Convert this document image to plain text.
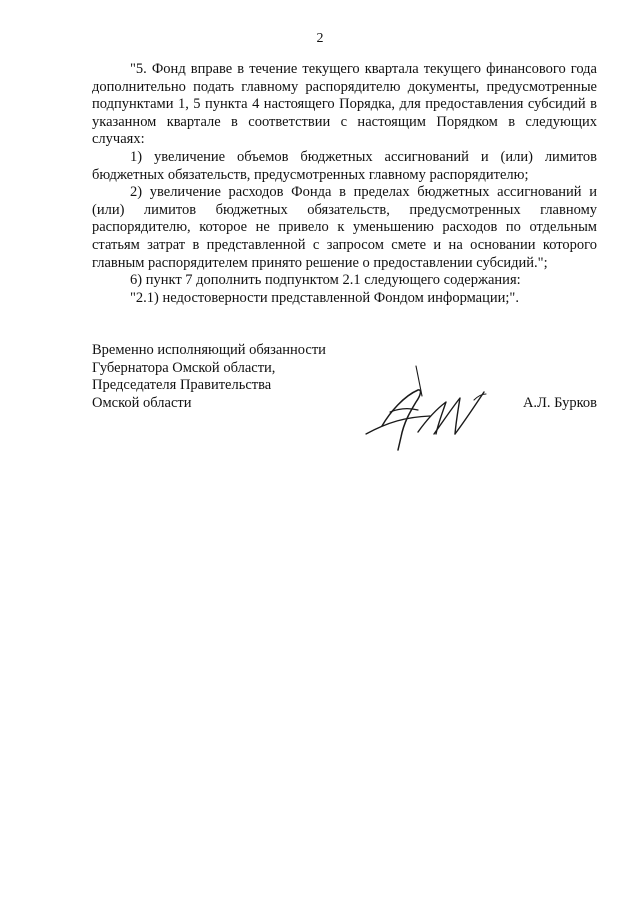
2

"5. Фонд вправе в течение текущего квартала текущего финансового года дополнительно подать главному распорядителю документы, предусмотренные подпунктами 1, 5 пункта 4 настоящего Порядка, для предоставления субсидий в указанном квартале в соответствии с настоящим Порядком в следующих случаях:

1) увеличение объемов бюджетных ассигнований и (или) лимитов бюджетных обязательств, предусмотренных главному распорядителю;

2) увеличение расходов Фонда в пределах бюджетных ассигнований и (или) лимитов бюджетных обязательств, предусмотренных главному распорядителю, которое не привело к уменьшению расходов по отдельным статьям затрат в представленной с запросом смете и на основании которого главным распорядителем принято решение о предоставлении субсидий.";

6) пункт 7 дополнить подпунктом 2.1 следующего содержания:

"2.1) недостоверности представленной Фондом информации;".

Временно исполняющий обязанности
Губернатора Омской области,
Председателя Правительства
Омской области	А.Л. Бурков
